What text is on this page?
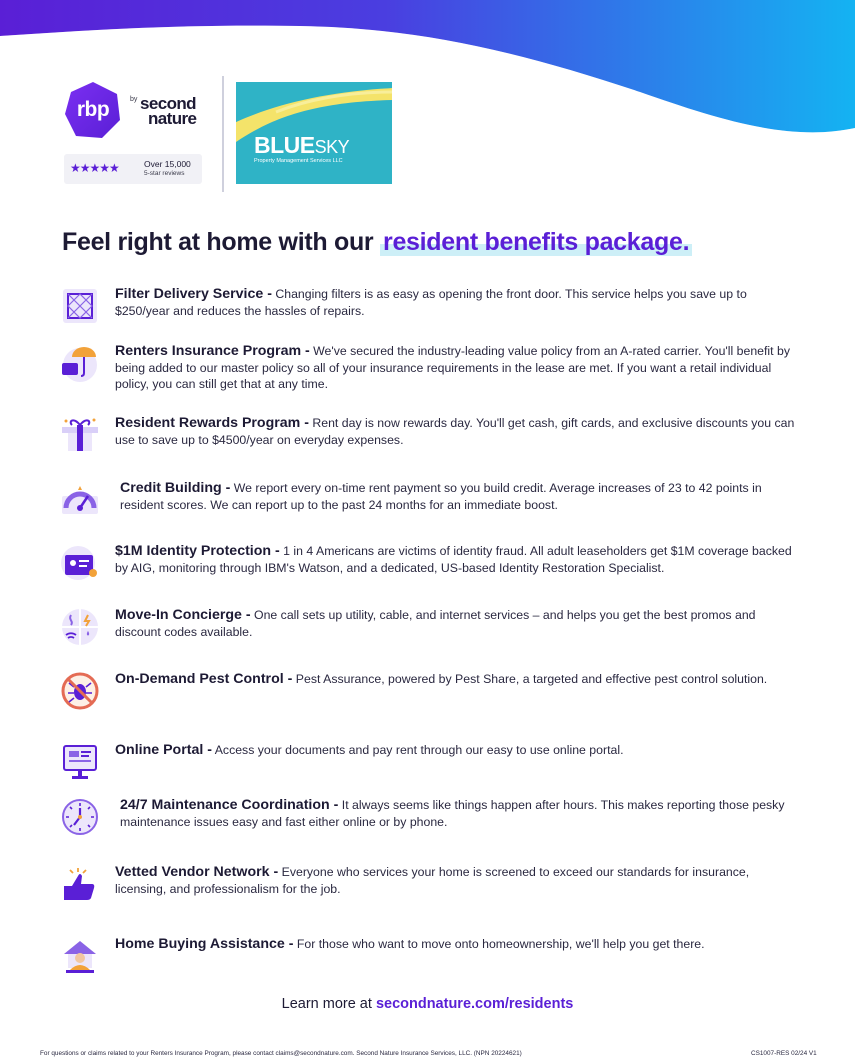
rbp	by second
nature
★★★★★	Over 15,000
5-star reviews
BLUESKY
Property Management Services LLC
Feel right at home with our resident benefits package.
Filter Delivery Service - Changing filters is as easy as opening the front door. This service helps you save up to $250/year and reduces the hassles of repairs.
Renters Insurance Program - We've secured the industry-leading value policy from an A-rated carrier. You'll benefit by being added to our master policy so all of your insurance requirements in the lease are met. If you want a retail individual policy, you can still get that at any time.
Resident Rewards Program - Rent day is now rewards day. You'll get cash, gift cards, and exclusive discounts you can use to save up to $4500/year on everyday expenses.
Credit Building - We report every on-time rent payment so you build credit. Average increases of 23 to 42 points in resident scores. We can report up to the past 24 months for an immediate boost.
$1M Identity Protection - 1 in 4 Americans are victims of identity fraud. All adult leaseholders get $1M coverage backed by AIG, monitoring through IBM's Watson, and a dedicated, US-based Identity Restoration Specialist.
Move-In Concierge - One call sets up utility, cable, and internet services – and helps you get the best promos and discount codes available.
On-Demand Pest Control - Pest Assurance, powered by Pest Share, a targeted and effective pest control solution.
Online Portal - Access your documents and pay rent through our easy to use online portal.
24/7 Maintenance Coordination - It always seems like things happen after hours. This makes reporting those pesky maintenance issues easy and fast either online or by phone.
Vetted Vendor Network - Everyone who services your home is screened to exceed our standards for insurance, licensing, and professionalism for the job.
Home Buying Assistance - For those who want to move onto homeownership, we'll help you get there.
Learn more at secondnature.com/residents
For questions or claims related to your Renters Insurance Program, please contact claims@secondnature.com. Second Nature Insurance Services, LLC. (NPN 20224621)	CS1007-RES 02/24 V1
